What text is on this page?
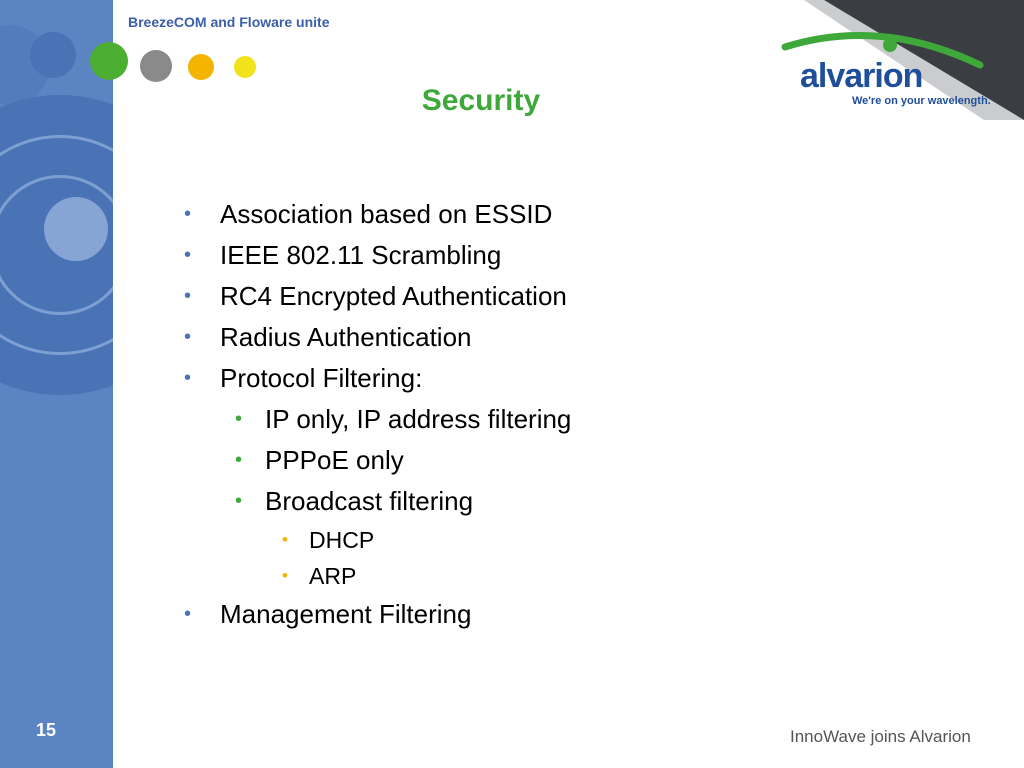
BreezeCOM and Floware unite
alvarion
We're on your wavelength.
Security
• Association based on ESSID
• IEEE 802.11 Scrambling
• RC4 Encrypted Authentication
• Radius Authentication
• Protocol Filtering:
• IP only, IP address filtering
• PPPoE only
• Broadcast filtering
• DHCP
• ARP
• Management Filtering
15	InnoWave joins Alvarion
